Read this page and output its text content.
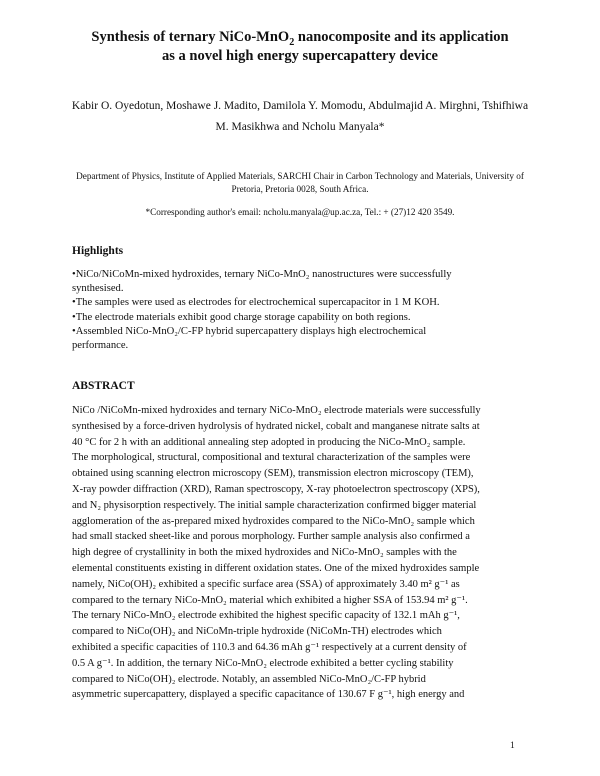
Synthesis of ternary NiCo-MnO$_2$ nanocomposite and its application
as a novel high energy supercapattery device
Kabir O. Oyedotun, Moshawe J. Madito, Damilola Y. Momodu, Abdulmajid A. Mirghni, Tshifhiwa
M. Masikhwa and Ncholu Manyala*
Department of Physics, Institute of Applied Materials, SARCHI Chair in Carbon Technology and Materials, University of
Pretoria, Pretoria 0028, South Africa.
*Corresponding author's email: ncholu.manyala@up.ac.za, Tel.: + (27)12 420 3549.
Highlights
•NiCo/NiCoMn-mixed hydroxides, ternary NiCo-MnO₂ nanostructures were successfully
synthesised.
•The samples were used as electrodes for electrochemical supercapacitor in 1 M KOH.
•The electrode materials exhibit good charge storage capability on both regions.
•Assembled NiCo-MnO₂/C-FP hybrid supercapattery displays high electrochemical
performance.
ABSTRACT
NiCo /NiCoMn-mixed hydroxides and ternary NiCo-MnO₂ electrode materials were successfully
synthesised by a force-driven hydrolysis of hydrated nickel, cobalt and manganese nitrate salts at
40 °C for 2 h with an additional annealing step adopted in producing the NiCo-MnO₂ sample.
The morphological, structural, compositional and textural characterization of the samples were
obtained using scanning electron microscopy (SEM), transmission electron microscopy (TEM),
X-ray powder diffraction (XRD), Raman spectroscopy, X-ray photoelectron spectroscopy (XPS),
and N₂ physisorption respectively. The initial sample characterization confirmed bigger material
agglomeration of the as-prepared mixed hydroxides compared to the NiCo-MnO₂ sample which
had small stacked sheet-like and porous morphology. Further sample analysis also confirmed a
high degree of crystallinity in both the mixed hydroxides and NiCo-MnO₂ samples with the
elemental constituents existing in different oxidation states. One of the mixed hydroxides sample
namely, NiCo(OH)₂ exhibited a specific surface area (SSA) of approximately 3.40 m² g⁻¹ as
compared to the ternary NiCo-MnO₂ material which exhibited a higher SSA of 153.94 m² g⁻¹.
The ternary NiCo-MnO₂ electrode exhibited the highest specific capacity of 132.1 mAh g⁻¹,
compared to NiCo(OH)₂ and NiCoMn-triple hydroxide (NiCoMn-TH) electrodes which
exhibited a specific capacities of 110.3 and 64.36 mAh g⁻¹ respectively at a current density of
0.5 A g⁻¹. In addition, the ternary NiCo-MnO₂ electrode exhibited a better cycling stability
compared to NiCo(OH)₂ electrode. Notably, an assembled NiCo-MnO₂/C-FP hybrid
asymmetric supercapattery, displayed a specific capacitance of 130.67 F g⁻¹, high energy and
1
